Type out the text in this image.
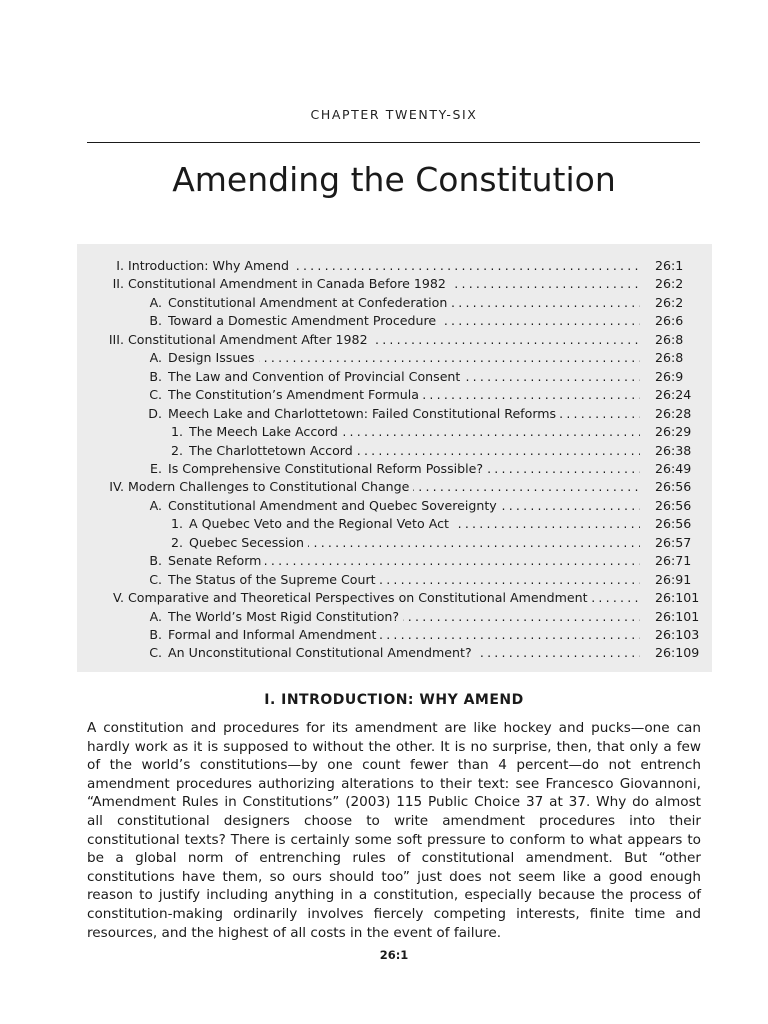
CHAPTER TWENTY-SIX
Amending the Constitution
I. Introduction: Why Amend . . .	26:1
II. Constitutional Amendment in Canada Before 1982 . . .	26:2
A. Constitutional Amendment at Confederation . . .	26:2
B. Toward a Domestic Amendment Procedure . . .	26:6
III. Constitutional Amendment After 1982 . . .	26:8
A. Design Issues . . .	26:8
B. The Law and Convention of Provincial Consent . . .	26:9
C. The Constitution’s Amendment Formula . . .	26:24
D. Meech Lake and Charlottetown: Failed Constitutional Reforms . . .	26:28
1. The Meech Lake Accord . . .	26:29
2. The Charlottetown Accord . . .	26:38
E. Is Comprehensive Constitutional Reform Possible? . . .	26:49
IV. Modern Challenges to Constitutional Change . . .	26:56
A. Constitutional Amendment and Quebec Sovereignty . . .	26:56
1. A Quebec Veto and the Regional Veto Act . . .	26:56
2. Quebec Secession . . .	26:57
B. Senate Reform . . .	26:71
C. The Status of the Supreme Court . . .	26:91
V. Comparative and Theoretical Perspectives on Constitutional Amendment . . .	26:101
A. The World’s Most Rigid Constitution? . . .	26:101
B. Formal and Informal Amendment . . .	26:103
C. An Unconstitutional Constitutional Amendment? . . .	26:109
I. INTRODUCTION: WHY AMEND
A constitution and procedures for its amendment are like hockey and pucks—one can hardly work as it is supposed to without the other. It is no surprise, then, that only a few of the world’s constitutions—by one count fewer than 4 percent—do not entrench amendment procedures authorizing alterations to their text: see Francesco Giovannoni, “Amendment Rules in Constitutions” (2003) 115 Public Choice 37 at 37. Why do almost all constitutional designers choose to write amendment procedures into their constitutional texts? There is certainly some soft pressure to conform to what appears to be a global norm of entrenching rules of constitutional amendment. But “other constitutions have them, so ours should too” just does not seem like a good enough reason to justify including anything in a constitution, especially because the process of constitution-making ordinarily involves fiercely competing interests, finite time and resources, and the highest of all costs in the event of failure.
26:1
